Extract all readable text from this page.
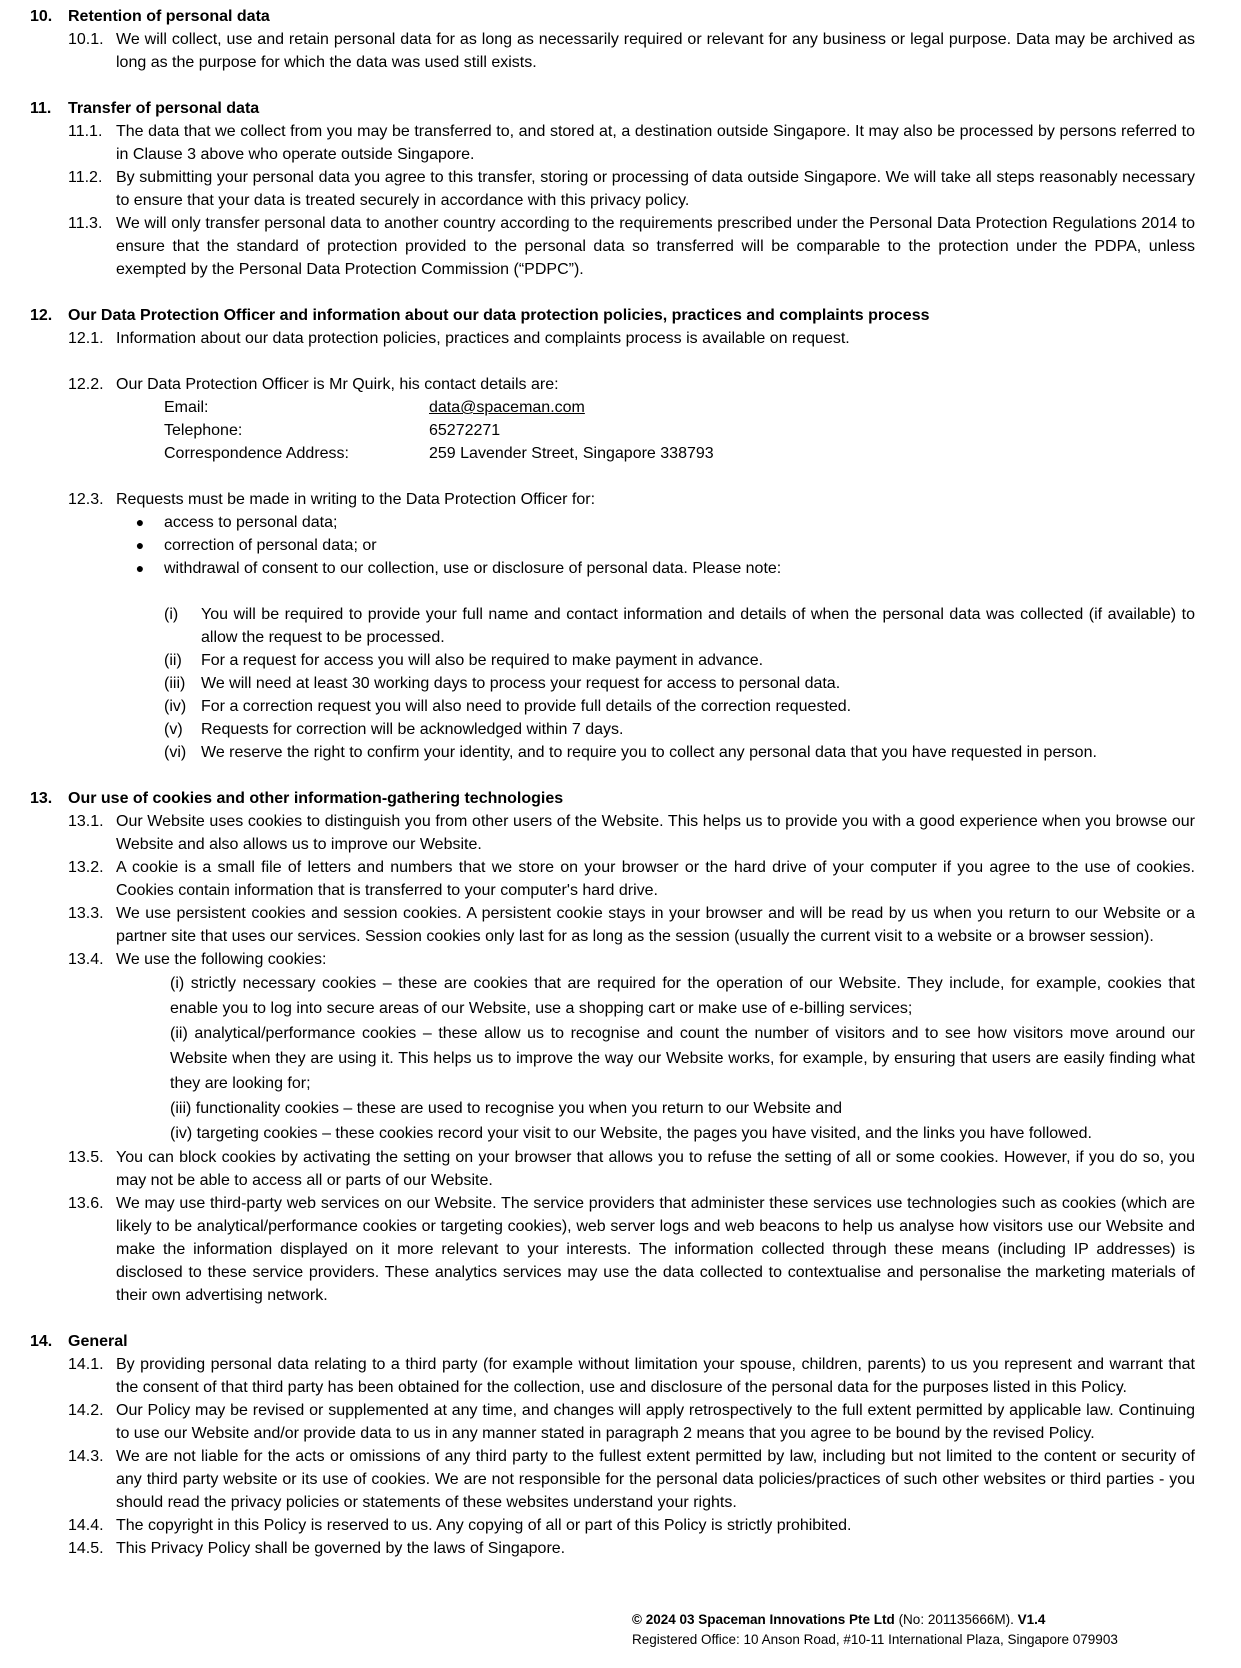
10. Retention of personal data
10.1. We will collect, use and retain personal data for as long as necessarily required or relevant for any business or legal purpose. Data may be archived as long as the purpose for which the data was used still exists.
11.	Transfer of personal data
11.1. The data that we collect from you may be transferred to, and stored at, a destination outside Singapore. It may also be processed by persons referred to in Clause 3 above who operate outside Singapore.
11.2. By submitting your personal data you agree to this transfer, storing or processing of data outside Singapore. We will take all steps reasonably necessary to ensure that your data is treated securely in accordance with this privacy policy.
11.3. We will only transfer personal data to another country according to the requirements prescribed under the Personal Data Protection Regulations 2014 to ensure that the standard of protection provided to the personal data so transferred will be comparable to the protection under the PDPA, unless exempted by the Personal Data Protection Commission (“PDPC”).
12. Our Data Protection Officer and information about our data protection policies, practices and complaints process
12.1. Information about our data protection policies, practices and complaints process is available on request.
12.2. Our Data Protection Officer is Mr Quirk, his contact details are:
Email:	data@spaceman.com
Telephone:	65272271
Correspondence Address:	259 Lavender Street, Singapore 338793
12.3. Requests must be made in writing to the Data Protection Officer for:
●	access to personal data;
●	correction of personal data; or
●	withdrawal of consent to our collection, use or disclosure of personal data. Please note:
(i)	You will be required to provide your full name and contact information and details of when the personal data was collected (if available) to allow the request to be processed.
(ii)	For a request for access you will also be required to make payment in advance.
(iii) We will need at least 30 working days to process your request for access to personal data.
(iv) For a correction request you will also need to provide full details of the correction requested.
(v)	Requests for correction will be acknowledged within 7 days.
(vi) We reserve the right to confirm your identity, and to require you to collect any personal data that you have requested in person.
13. Our use of cookies and other information-gathering technologies
13.1. Our Website uses cookies to distinguish you from other users of the Website. This helps us to provide you with a good experience when you browse our Website and also allows us to improve our Website.
13.2. A cookie is a small file of letters and numbers that we store on your browser or the hard drive of your computer if you agree to the use of cookies. Cookies contain information that is transferred to your computer's hard drive.
13.3. We use persistent cookies and session cookies. A persistent cookie stays in your browser and will be read by us when you return to our Website or a partner site that uses our services. Session cookies only last for as long as the session (usually the current visit to a website or a browser session).
13.4. We use the following cookies:
(i) strictly necessary cookies – these are cookies that are required for the operation of our Website. They include, for example, cookies that enable you to log into secure areas of our Website, use a shopping cart or make use of e-billing services;
(ii) analytical/performance cookies – these allow us to recognise and count the number of visitors and to see how visitors move around our Website when they are using it. This helps us to improve the way our Website works, for example, by ensuring that users are easily finding what they are looking for;
(iii) functionality cookies – these are used to recognise you when you return to our Website and
(iv) targeting cookies – these cookies record your visit to our Website, the pages you have visited, and the links you have followed.
13.5. You can block cookies by activating the setting on your browser that allows you to refuse the setting of all or some cookies. However, if you do so, you may not be able to access all or parts of our Website.
13.6. We may use third-party web services on our Website. The service providers that administer these services use technologies such as cookies (which are likely to be analytical/performance cookies or targeting cookies), web server logs and web beacons to help us analyse how visitors use our Website and make the information displayed on it more relevant to your interests. The information collected through these means (including IP addresses) is disclosed to these service providers. These analytics services may use the data collected to contextualise and personalise the marketing materials of their own advertising network.
14. General
14.1. By providing personal data relating to a third party (for example without limitation your spouse, children, parents) to us you represent and warrant that the consent of that third party has been obtained for the collection, use and disclosure of the personal data for the purposes listed in this Policy.
14.2. Our Policy may be revised or supplemented at any time, and changes will apply retrospectively to the full extent permitted by applicable law. Continuing to use our Website and/or provide data to us in any manner stated in paragraph 2 means that you agree to be bound by the revised Policy.
14.3. We are not liable for the acts or omissions of any third party to the fullest extent permitted by law, including but not limited to the content or security of any third party website or its use of cookies. We are not responsible for the personal data policies/practices of such other websites or third parties - you should read the privacy policies or statements of these websites understand your rights.
14.4. The copyright in this Policy is reserved to us. Any copying of all or part of this Policy is strictly prohibited.
14.5. This Privacy Policy shall be governed by the laws of Singapore.
© 2024 03 Spaceman Innovations Pte Ltd (No: 201135666M). V1.4
Registered Office: 10 Anson Road, #10-11 International Plaza, Singapore 079903
